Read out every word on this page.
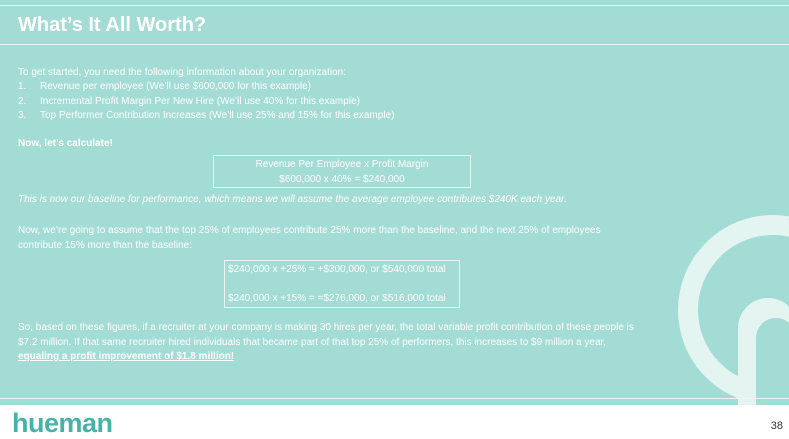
What’s It All Worth?
To get started, you need the following information about your organization:
1. Revenue per employee (We’ll use $600,000 for this example)
2. Incremental Profit Margin Per New Hire (We’ll use 40% for this example)
3. Top Performer Contribution Increases (We’ll use 25% and 15% for this example)
Now, let’s calculate!
Revenue Per Employee x Profit Margin
$600,000 x 40% = $240,000
This is now our baseline for performance, which means we will assume the average employee contributes $240K each year.
Now, we’re going to assume that the top 25% of employees contribute 25% more than the baseline, and the next 25% of employees contribute 15% more than the baseline:
$240,000 x +25% = +$300,000, or $540,000 total
$240,000 x +15% = =$276,000, or $516,000 total
So, based on these figures, if a recruiter at your company is making 30 hires per year, the total variable profit contribution of these people is $7.2 million. If that same recruiter hired individuals that became part of that top 25% of performers, this increases to $9 million a year, equaling a profit improvement of $1.8 million!
hueman	38
